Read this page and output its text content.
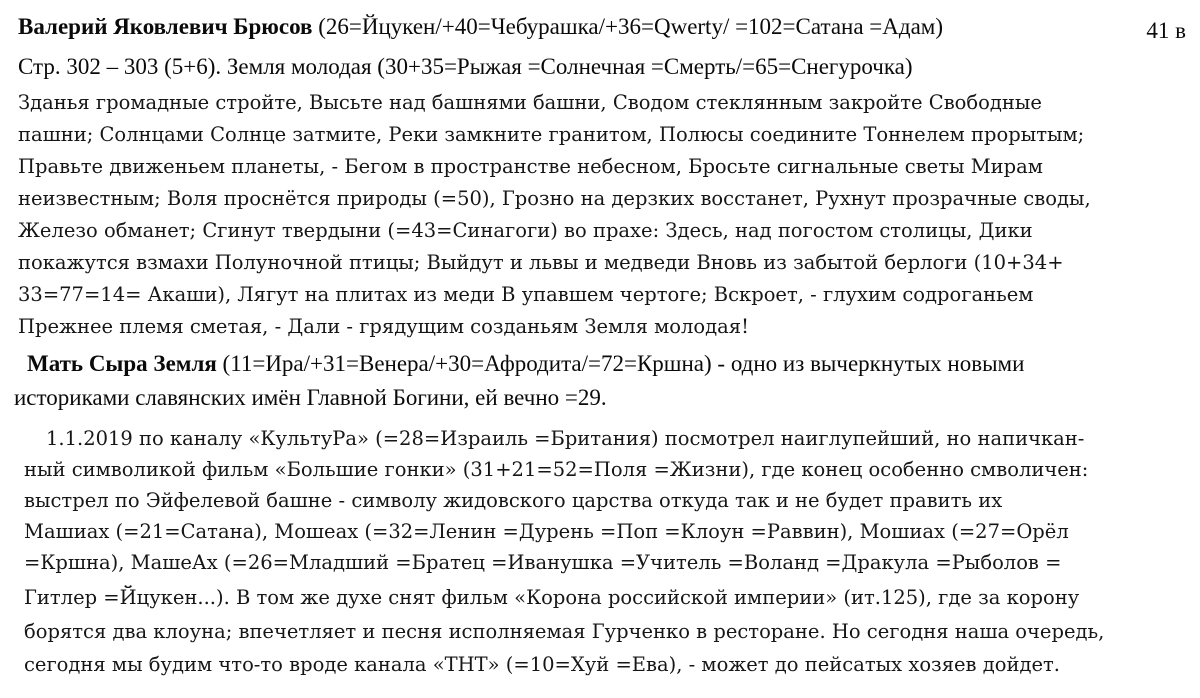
Валерий Яковлевич Брюсов (26=Йцукен/+40=Чебурашка/+36=Qwerty/ =102=Сатана =Адам)	41 в
Стр. 302 – 303 (5+6). Земля молодая (30+35=Рыжая =Солнечная =Смерть/=65=Снегурочка)
Зданья громадные стройте, Высьте над башнями башни, Сводом стеклянным закройте Свободные
пашни; Солнцами Солнце затмите, Реки замкните гранитом, Полюсы соедините Тоннелем прорытым;
Правьте движеньем планеты, - Бегом в пространстве небесном, Бросьте сигнальные светы Мирам
неизвестным; Воля проснётся природы (=50), Грозно на дерзких восстанет, Рухнут прозрачные своды,
Железо обманет; Сгинут твердыни (=43=Синагоги) во прахе: Здесь, над погостом столицы, Дики
покажутся взмахи Полуночной птицы; Выйдут и львы и медведи Вновь из забытой берлоги (10+34+
33=77=14= Акаши), Лягут на плитах из меди В упавшем чертоге; Вскроет, - глухим содроганьем
Прежнее племя сметая, - Дали - грядущим созданьям Земля молодая!
Мать Сыра Земля (11=Ира/+31=Венера/+30=Афродита/=72=Кршна) - одно из вычеркнутых новыми
историками славянских имён Главной Богини, ей вечно =29.
1.1.2019 по каналу «КультуРа» (=28=Израиль =Британия) посмотрел наиглупейший, но напичкан-
ный символикой фильм «Большие гонки» (31+21=52=Поля =Жизни), где конец особенно смволичен:
выстрел по Эйфелевой башне - символу жидовского царства откуда так и не будет править их
Машиах (=21=Сатана), Мошеах (=32=Ленин =Дурень =Поп =Клоун =Раввин), Мошиах (=27=Орёл
=Кршна), МашеАх (=26=Младший =Братец =Иванушка =Учитель =Воланд =Дракула =Рыболов =
Гитлер =Йцукен...). В том же духе снят фильм «Корона российской империи» (ит.125), где за корону
борятся два клоуна; впечетляет и песня исполняемая Гурченко в ресторане. Но сегодня наша очередь,
сегодня мы будим что-то вроде канала «ТНТ» (=10=Хуй =Ева), - может до пейсатых хозяев дойдет.
